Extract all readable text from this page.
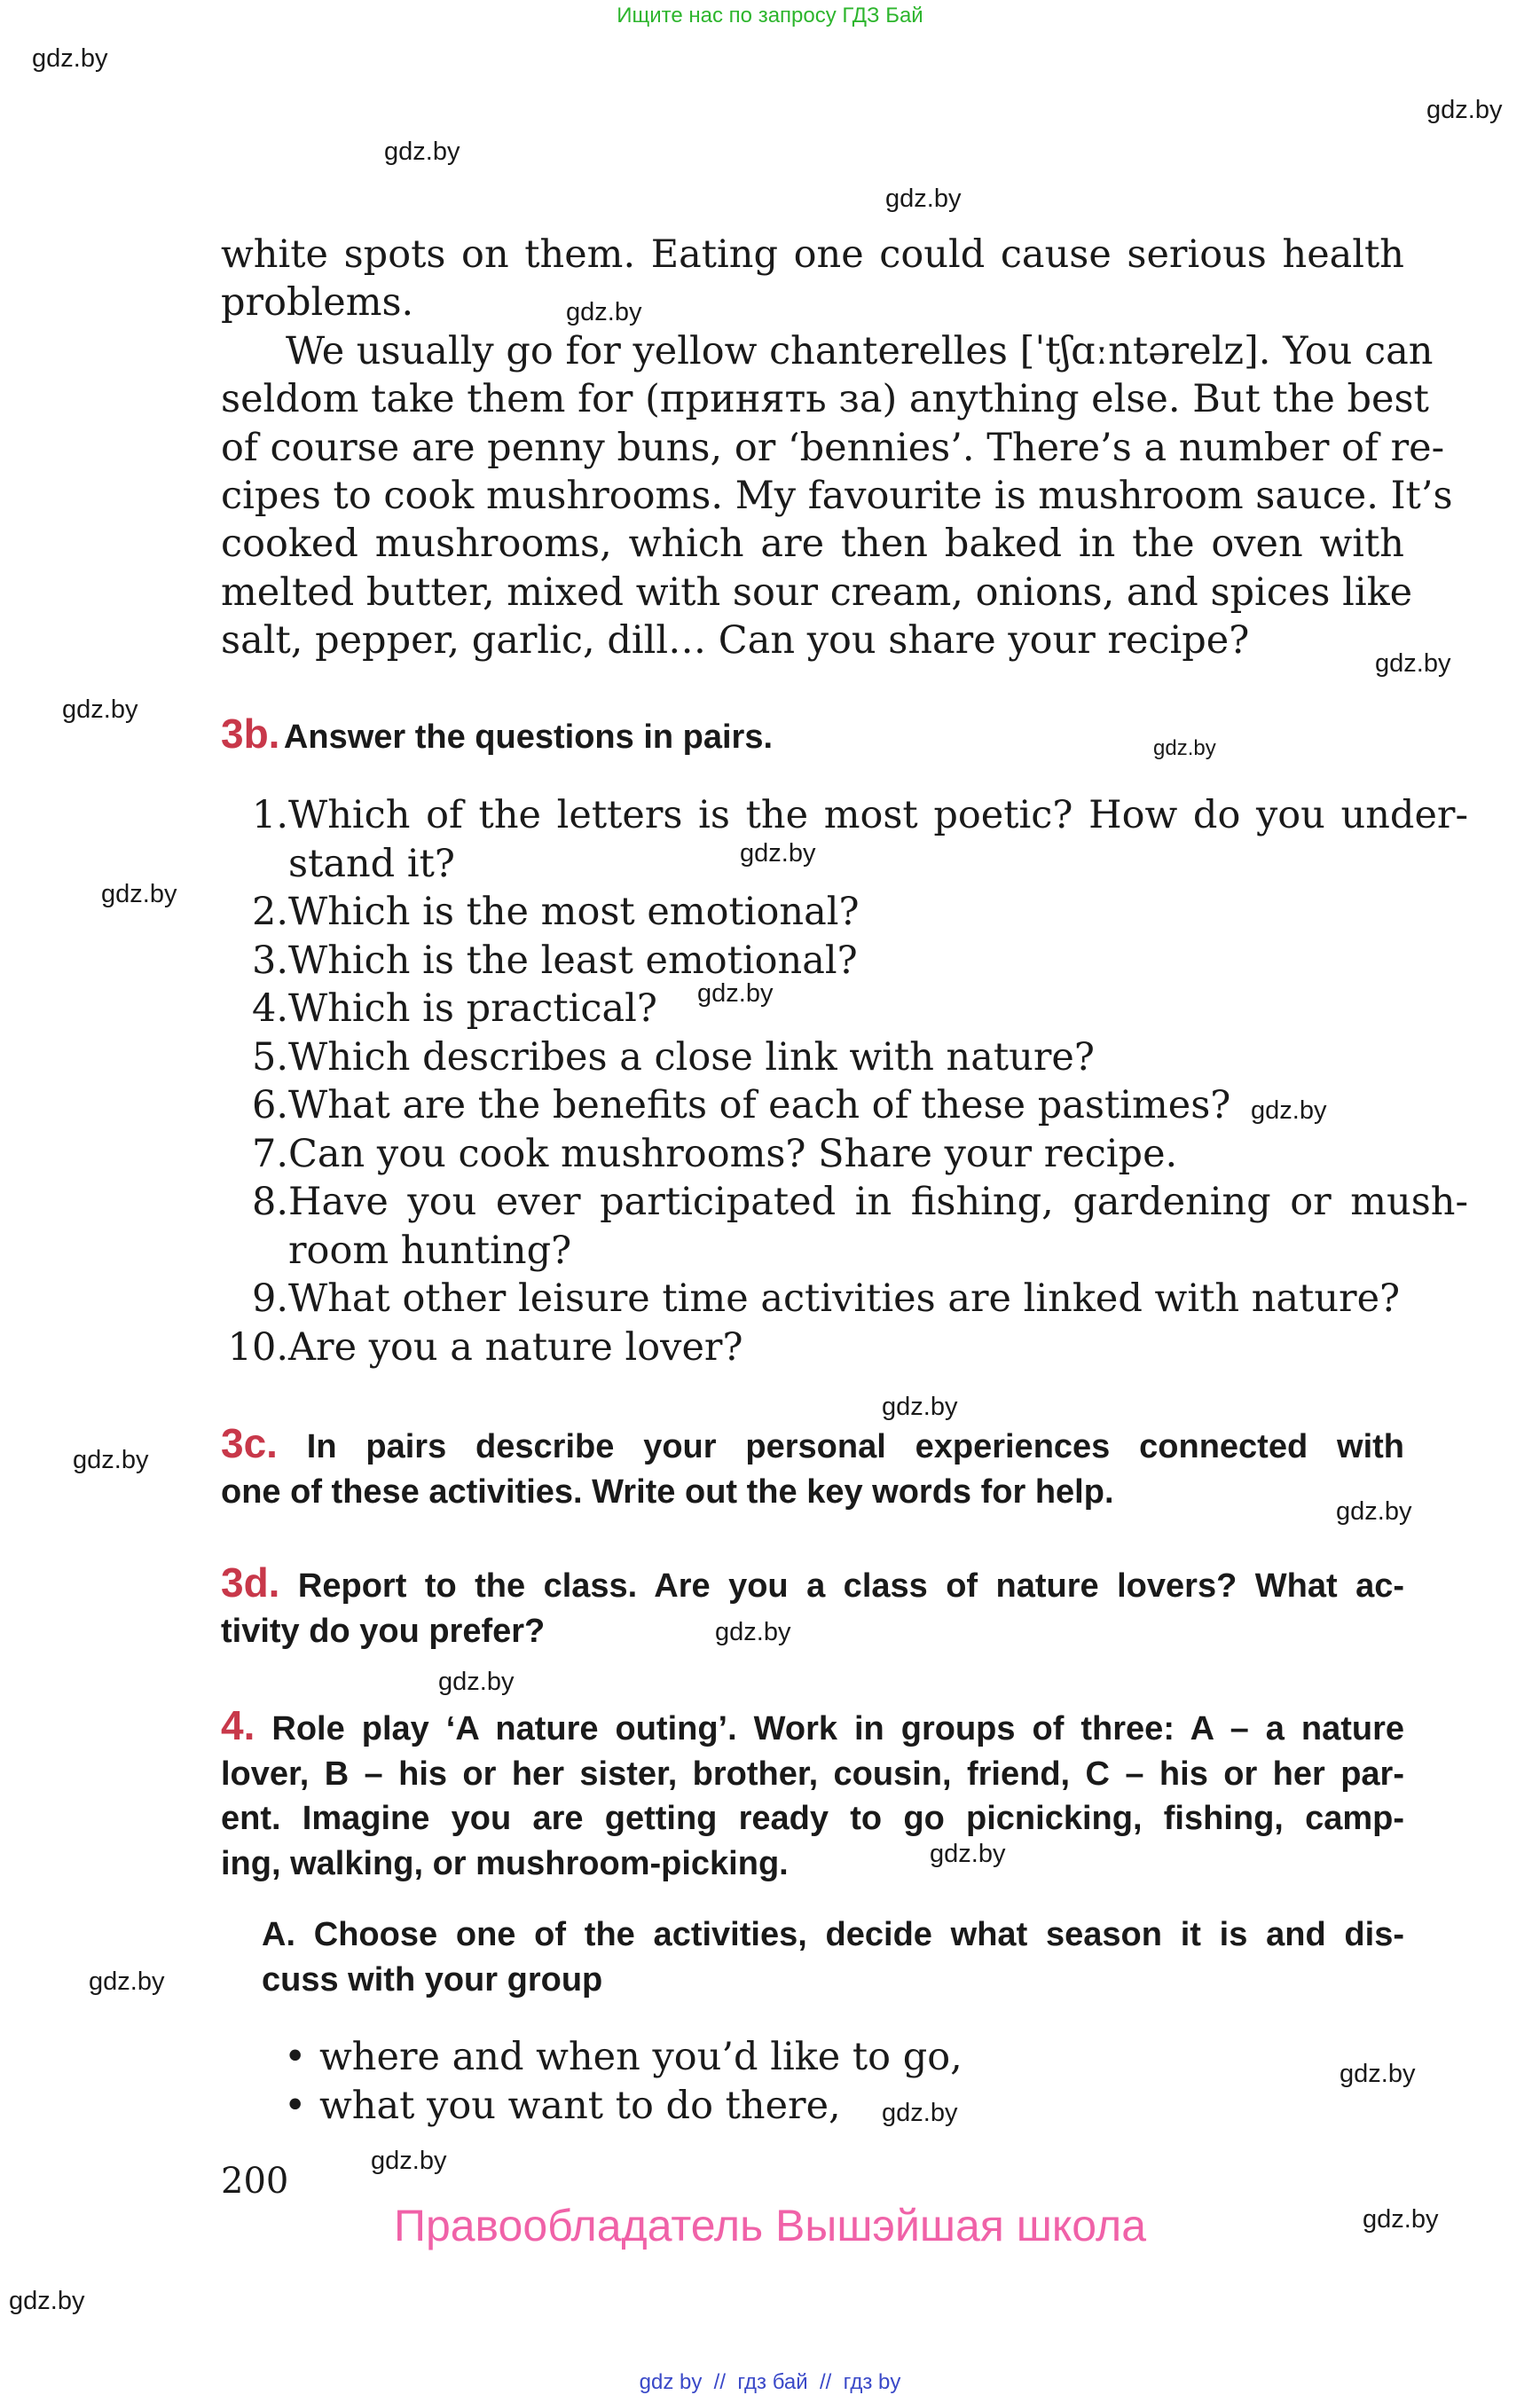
Ищите нас по запросу ГДЗ Бай
gdz.by
gdz.by
gdz.by
gdz.by
gdz.by
gdz.by
gdz.by
gdz.by
gdz.by
gdz.by
gdz.by
gdz.by
gdz.by
gdz.by
gdz.by
gdz.by
gdz.by
gdz.by
gdz.by
gdz.by
gdz.by
gdz.by
gdz.by
gdz.by
white spots on them. Eating one could cause serious health
problems.
We usually go for yellow chanterelles [ˈtʃɑːntərelz]. You can
seldom take them for (принять за) anything else. But the best
of course are penny buns, or ‘bennies’. There’s a number of re-
cipes to cook mushrooms. My favourite is mushroom sauce. It’s
cooked mushrooms, which are then baked in the oven with
melted butter, mixed with sour cream, onions, and spices like
salt, pepper, garlic, dill… Can you share your recipe?
3b. Answer the questions in pairs.
1. Which of the letters is the most poetic? How do you under-
stand it?
2. Which is the most emotional?
3. Which is the least emotional?
4. Which is practical?
5. Which describes a close link with nature?
6. What are the benefits of each of these pastimes?
7. Can you cook mushrooms? Share your recipe.
8. Have you ever participated in fishing, gardening or mush-
room hunting?
9. What other leisure time activities are linked with nature?
10. Are you a nature lover?
3c. In pairs describe your personal experiences connected with
one of these activities. Write out the key words for help.
3d. Report to the class. Are you a class of nature lovers? What ac-
tivity do you prefer?
4. Role play ‘A nature outing’. Work in groups of three: A – a nature
lover, B – his or her sister, brother, cousin, friend, C – his or her par-
ent. Imagine you are getting ready to go picnicking, fishing, camp-
ing, walking, or mushroom-picking.
A. Choose one of the activities, decide what season it is and dis-
cuss with your group
• where and when you’d like to go,
• what you want to do there,
200
Правообладатель Вышэйшая школа
gdz by  //  гдз бай  //  гдз by
